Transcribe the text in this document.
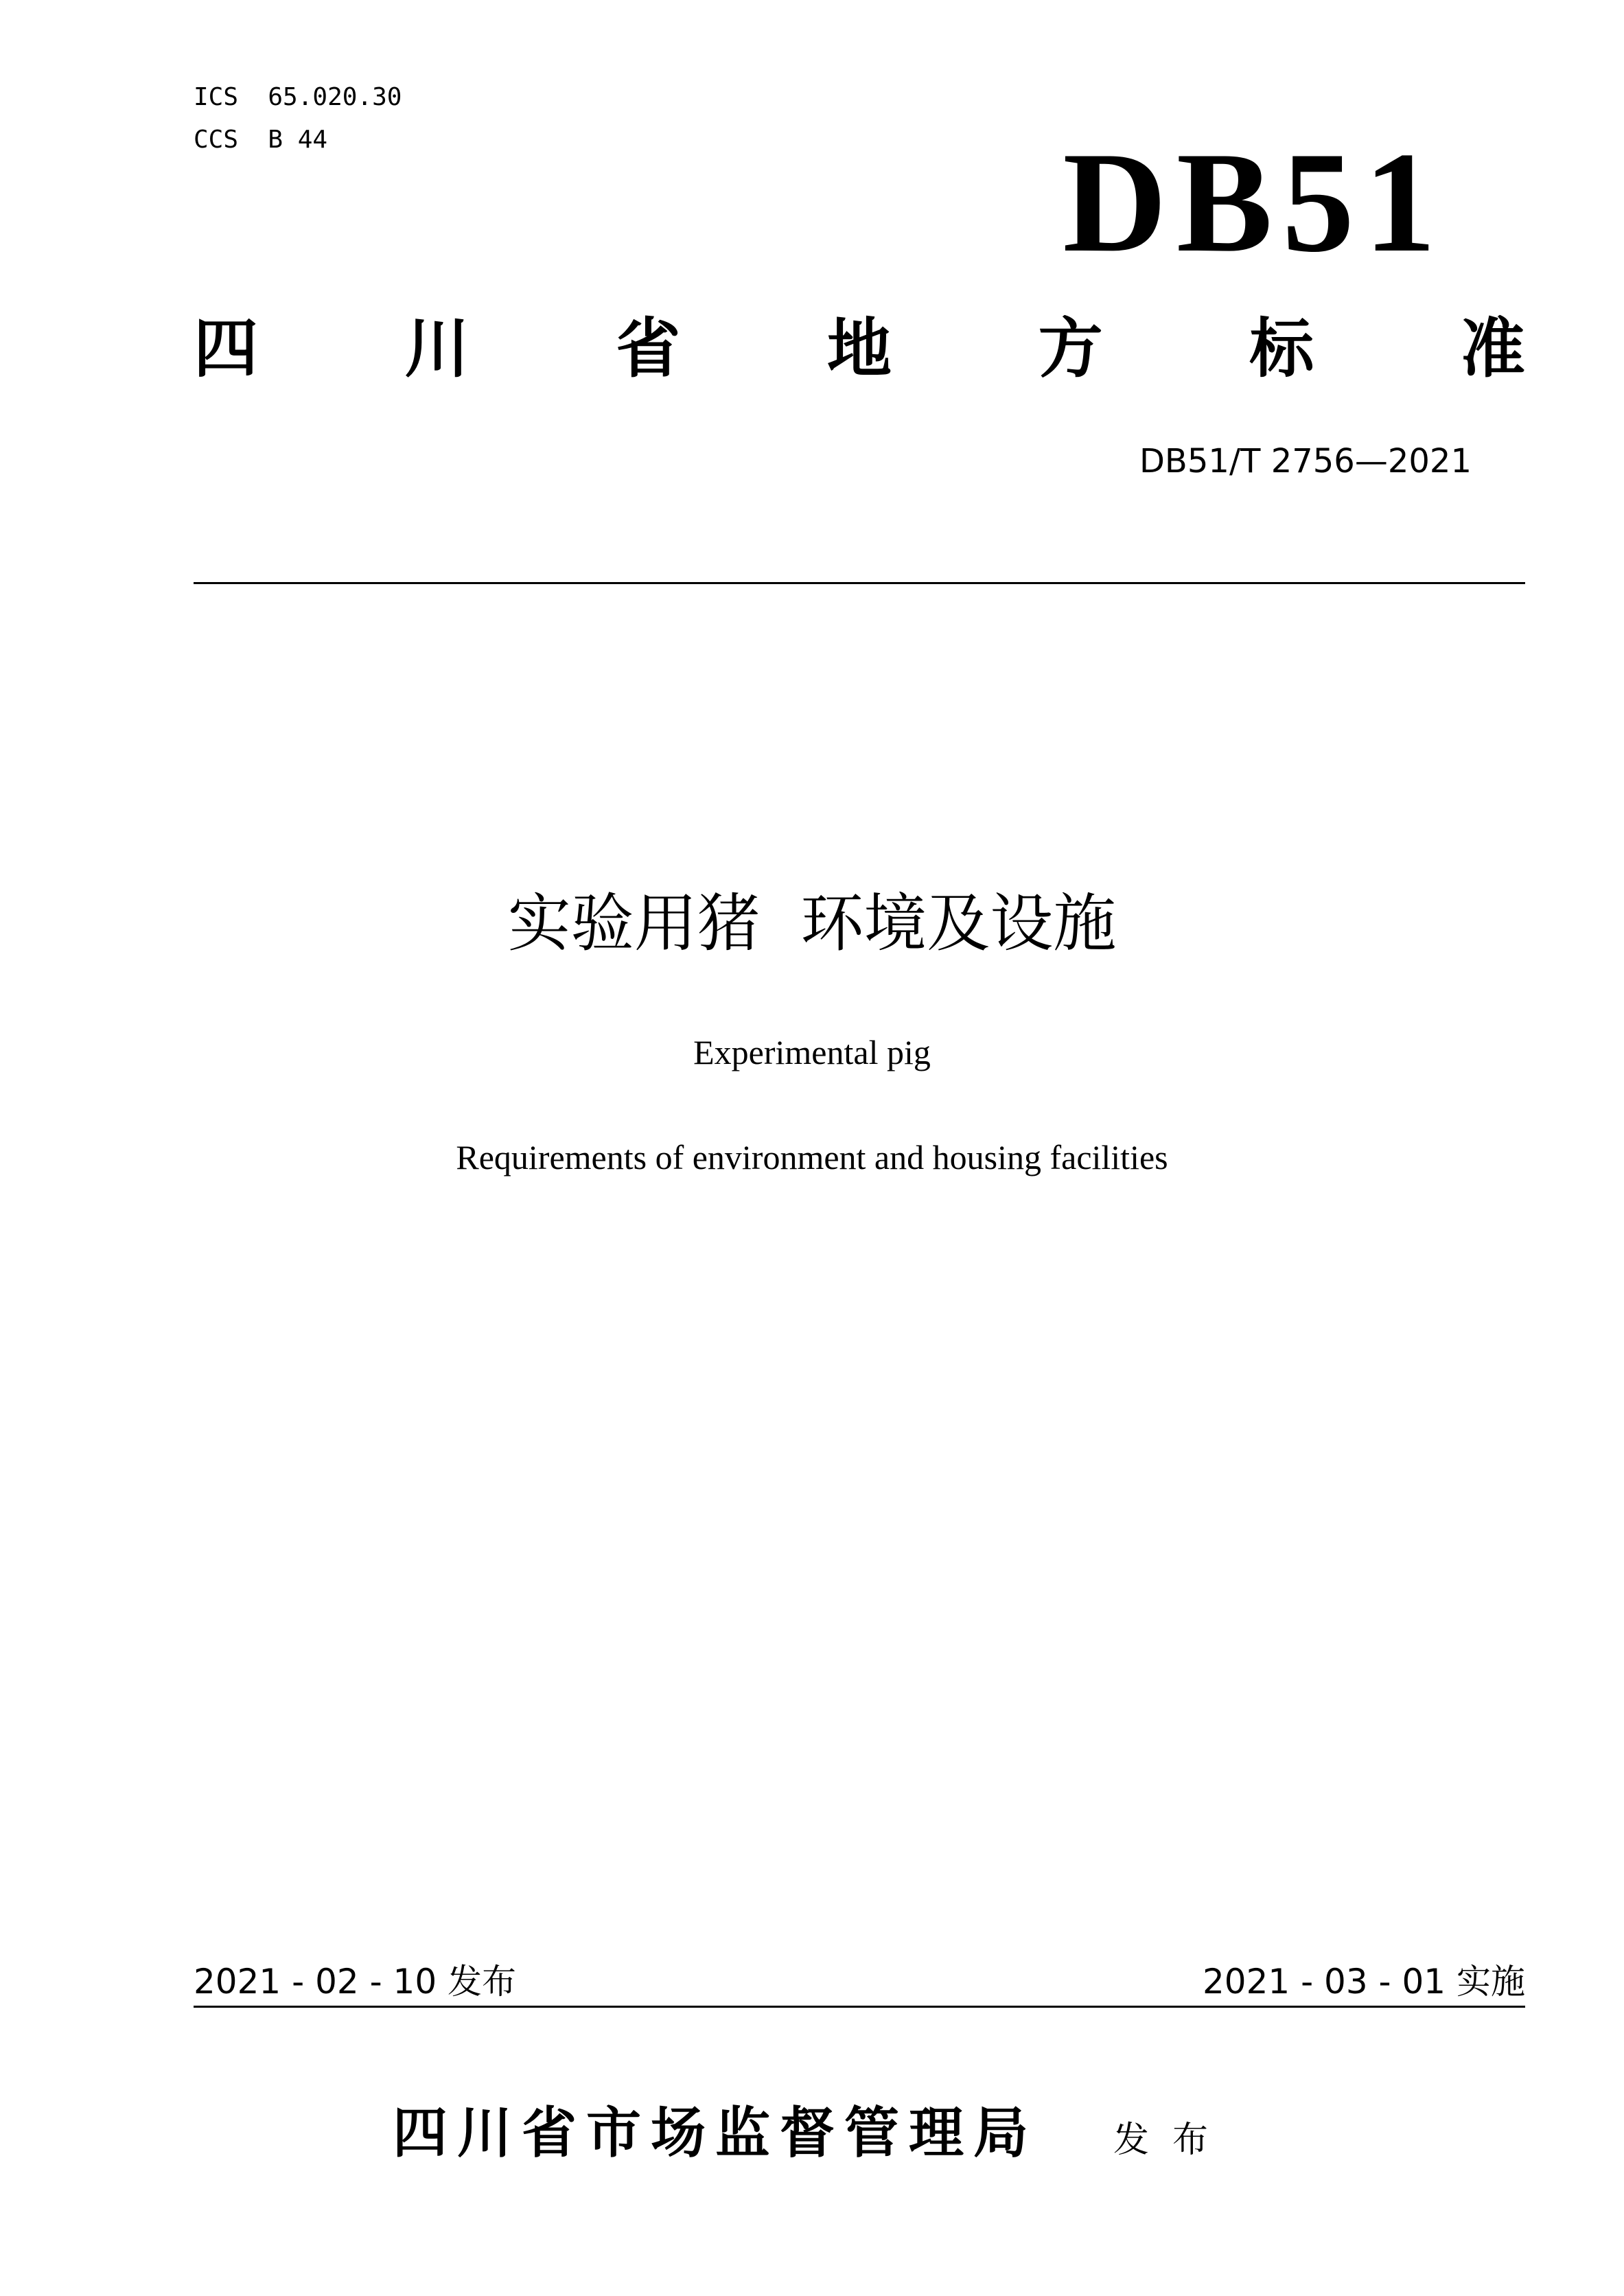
ICS  65.020.30
CCS  B 44	DB51
四 川 省 地 方 标 准
DB51/T 2756—2021
实验用猪  环境及设施
Experimental pig
Requirements of environment and housing facilities
2021 - 02 - 10 发布	2021 - 03 - 01 实施
四川省市场监督管理局 发布
